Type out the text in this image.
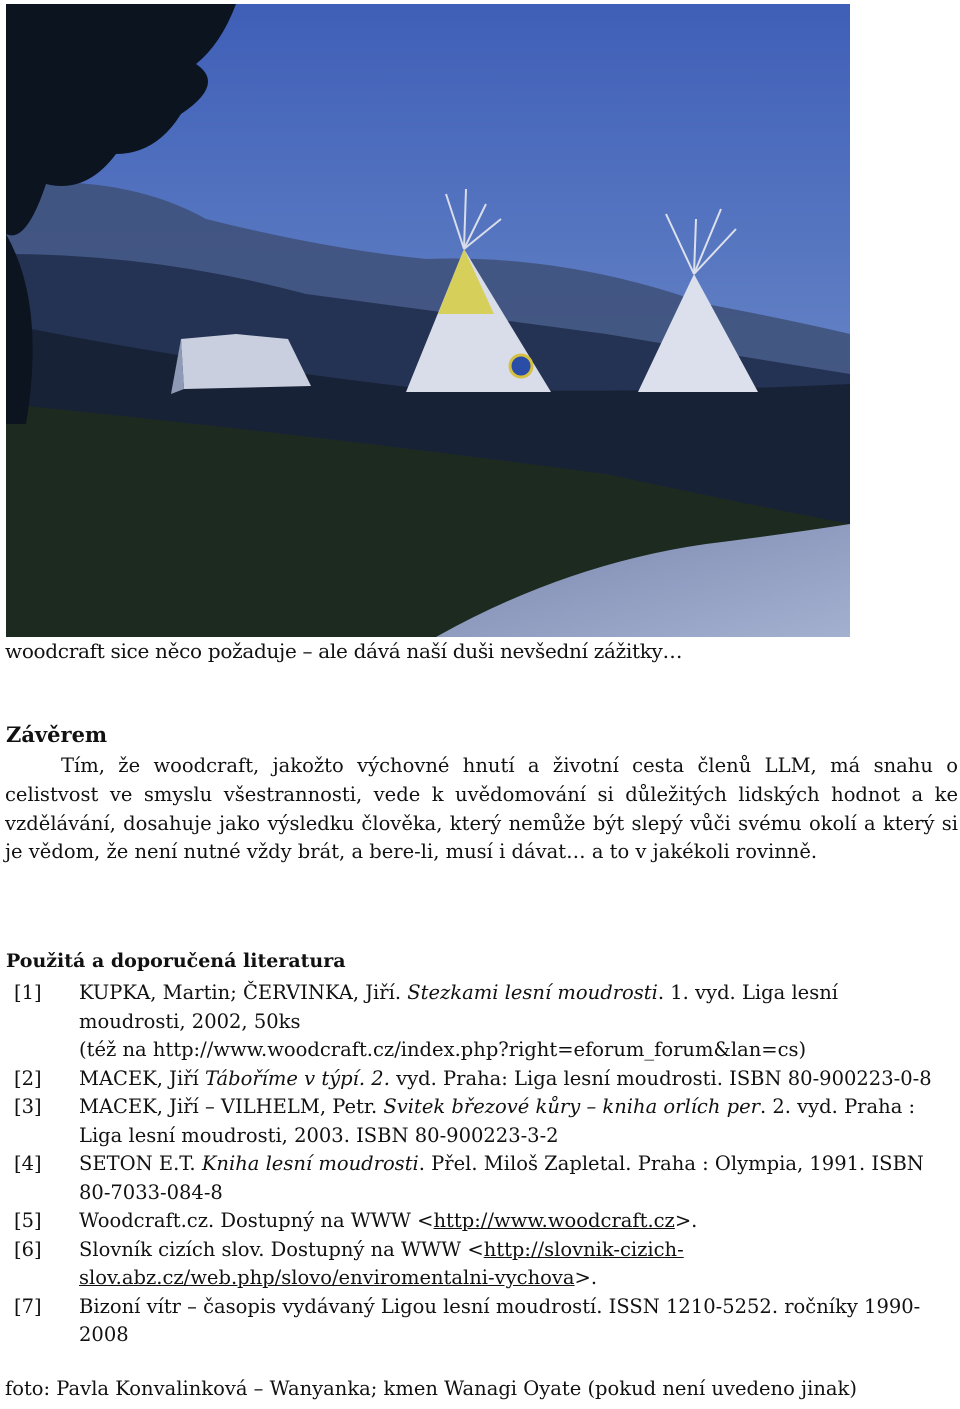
woodcraft sice něco požaduje – ale dává naší duši nevšední zážitky…
Závěrem

Tím, že woodcraft, jakožto výchovné hnutí a životní cesta členů LLM, má snahu o celistvost ve smyslu všestrannosti, vede k uvědomování si důležitých lidských hodnot a ke vzdělávání, dosahuje jako výsledku člověka, který nemůže být slepý vůči svému okolí a který si je vědom, že není nutné vždy brát, a bere-li, musí i dávat… a to v jakékoli rovinně.

Použitá a doporučená literatura
[1]	KUPKA, Martin; ČERVINKA, Jiří. Stezkami lesní moudrosti. 1. vyd. Liga lesní moudrosti, 2002, 50ks
(též na http://www.woodcraft.cz/index.php?right=eforum_forum&lan=cs)
[2]	MACEK, Jiří Táboříme v týpí. 2. vyd. Praha: Liga lesní moudrosti. ISBN 80-900223-0-8
[3]	MACEK, Jiří – VILHELM, Petr. Svitek březové kůry – kniha orlích per. 2. vyd. Praha : Liga lesní moudrosti, 2003. ISBN 80-900223-3-2
[4]	SETON E.T. Kniha lesní moudrosti. Přel. Miloš Zapletal. Praha : Olympia, 1991. ISBN 80-7033-084-8
[5]	Woodcraft.cz. Dostupný na WWW <http://www.woodcraft.cz>.
[6]	Slovník cizích slov. Dostupný na WWW <http://slovnik-cizich-slov.abz.cz/web.php/slovo/enviromentalni-vychova>.
[7]	Bizoní vítr – časopis vydávaný Ligou lesní moudrostí. ISSN 1210-5252. ročníky 1990-2008
foto: Pavla Konvalinková – Wanyanka; kmen Wanagi Oyate (pokud není uvedeno jinak)
